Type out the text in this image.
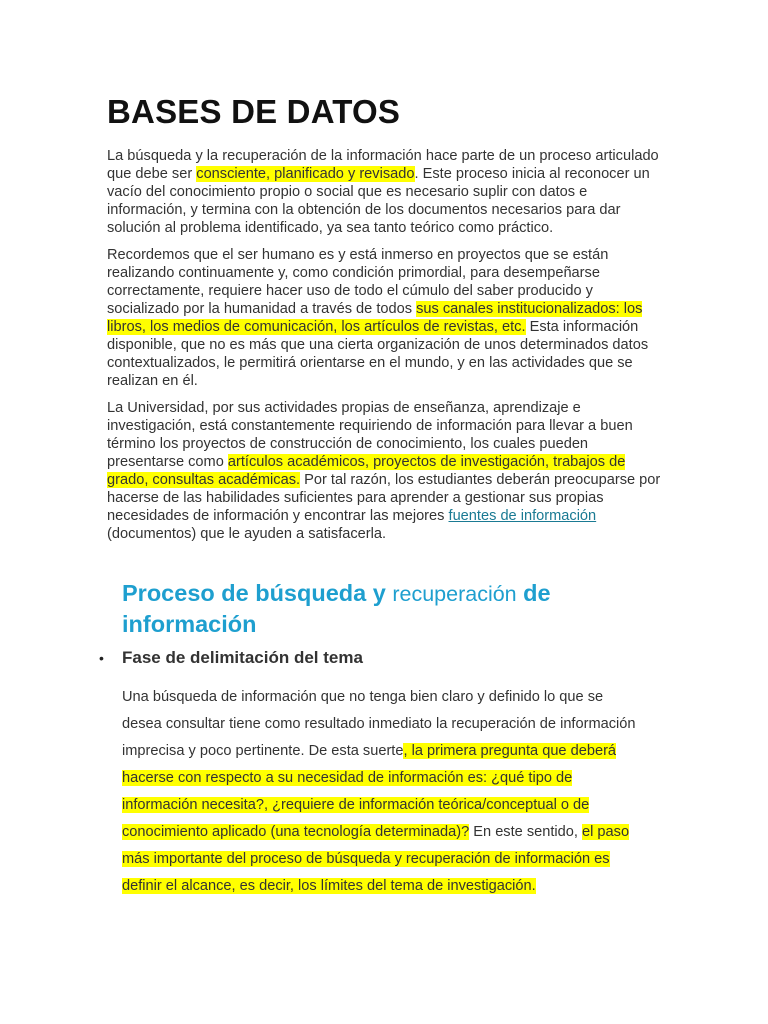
BASES DE DATOS

La búsqueda y la recuperación de la información hace parte de un proceso articulado que debe ser consciente, planificado y revisado. Este proceso inicia al reconocer un vacío del conocimiento propio o social que es necesario suplir con datos e información, y termina con la obtención de los documentos necesarios para dar solución al problema identificado, ya sea tanto teórico como práctico.

Recordemos que el ser humano es y está inmerso en proyectos que se están realizando continuamente y, como condición primordial, para desempeñarse correctamente, requiere hacer uso de todo el cúmulo del saber producido y socializado por la humanidad a través de todos sus canales institucionalizados: los libros, los medios de comunicación, los artículos de revistas, etc. Esta información disponible, que no es más que una cierta organización de unos determinados datos contextualizados, le permitirá orientarse en el mundo, y en las actividades que se realizan en él.

La Universidad, por sus actividades propias de enseñanza, aprendizaje e investigación, está constantemente requiriendo de información para llevar a buen término los proyectos de construcción de conocimiento, los cuales pueden presentarse como artículos académicos, proyectos de investigación, trabajos de grado, consultas académicas. Por tal razón, los estudiantes deberán preocuparse por hacerse de las habilidades suficientes para aprender a gestionar sus propias necesidades de información y encontrar las mejores fuentes de información (documentos) que le ayuden a satisfacerla.

Proceso de búsqueda y recuperación de información
•	Fase de delimitación del tema

Una búsqueda de información que no tenga bien claro y definido lo que se desea consultar tiene como resultado inmediato la recuperación de información imprecisa y poco pertinente. De esta suerte, la primera pregunta que deberá hacerse con respecto a su necesidad de información es: ¿qué tipo de información necesita?, ¿requiere de información teórica/conceptual o de conocimiento aplicado (una tecnología determinada)? En este sentido, el paso más importante del proceso de búsqueda y recuperación de información es definir el alcance, es decir, los límites del tema de investigación.
